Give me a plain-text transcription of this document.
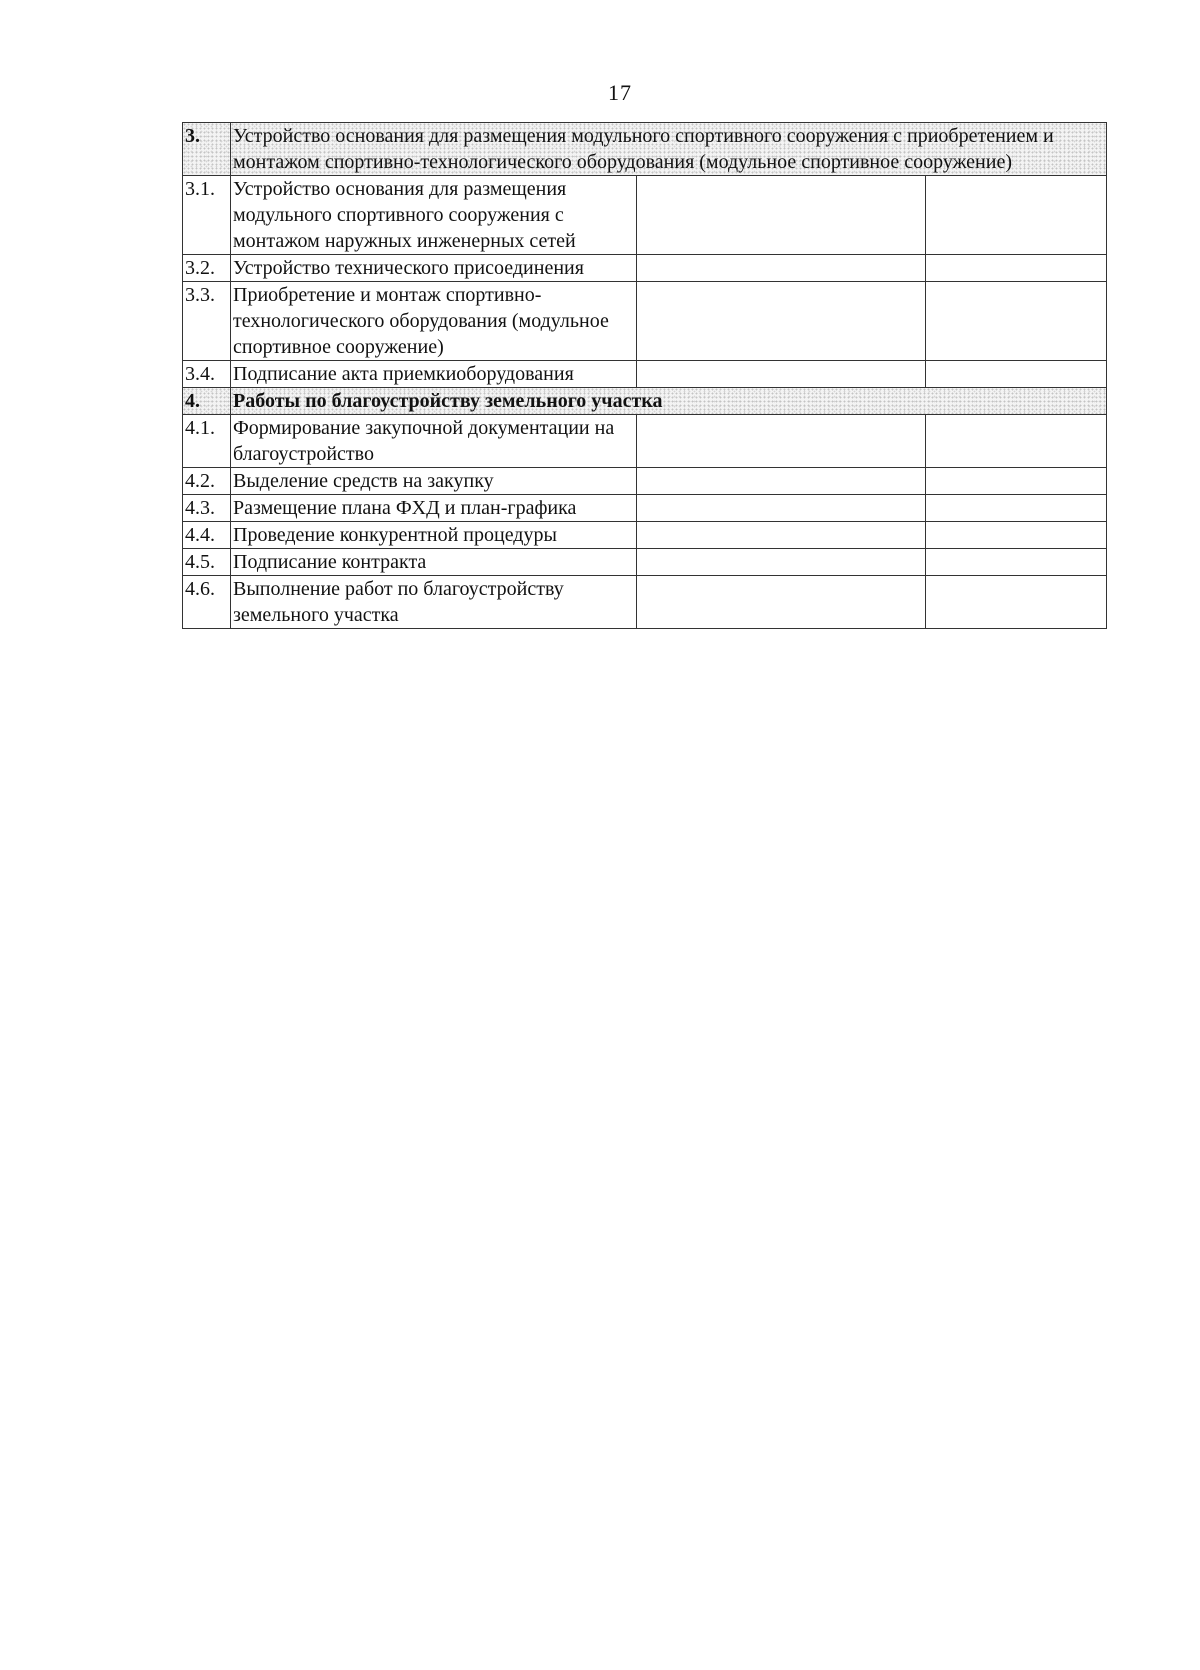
17
3.	Устройство основания для размещения модульного спортивного сооружения с приобретением и монтажом спортивно-технологического оборудования (модульное спортивное сооружение)		
3.1.	Устройство основания для размещения модульного спортивного сооружения с монтажом наружных инженерных сетей		
3.2.	Устройство технического присоединения		
3.3.	Приобретение и монтаж спортивно-технологического оборудования (модульное спортивное сооружение)		
3.4.	Подписание акта приемкиоборудования		
4.	Работы по благоустройству земельного участка		
4.1.	Формирование закупочной документации на благоустройство		
4.2.	Выделение средств на закупку		
4.3.	Размещение плана ФХД и план-графика		
4.4.	Проведение конкурентной процедуры		
4.5.	Подписание контракта		
4.6.	Выполнение работ по благоустройству земельного участка		
